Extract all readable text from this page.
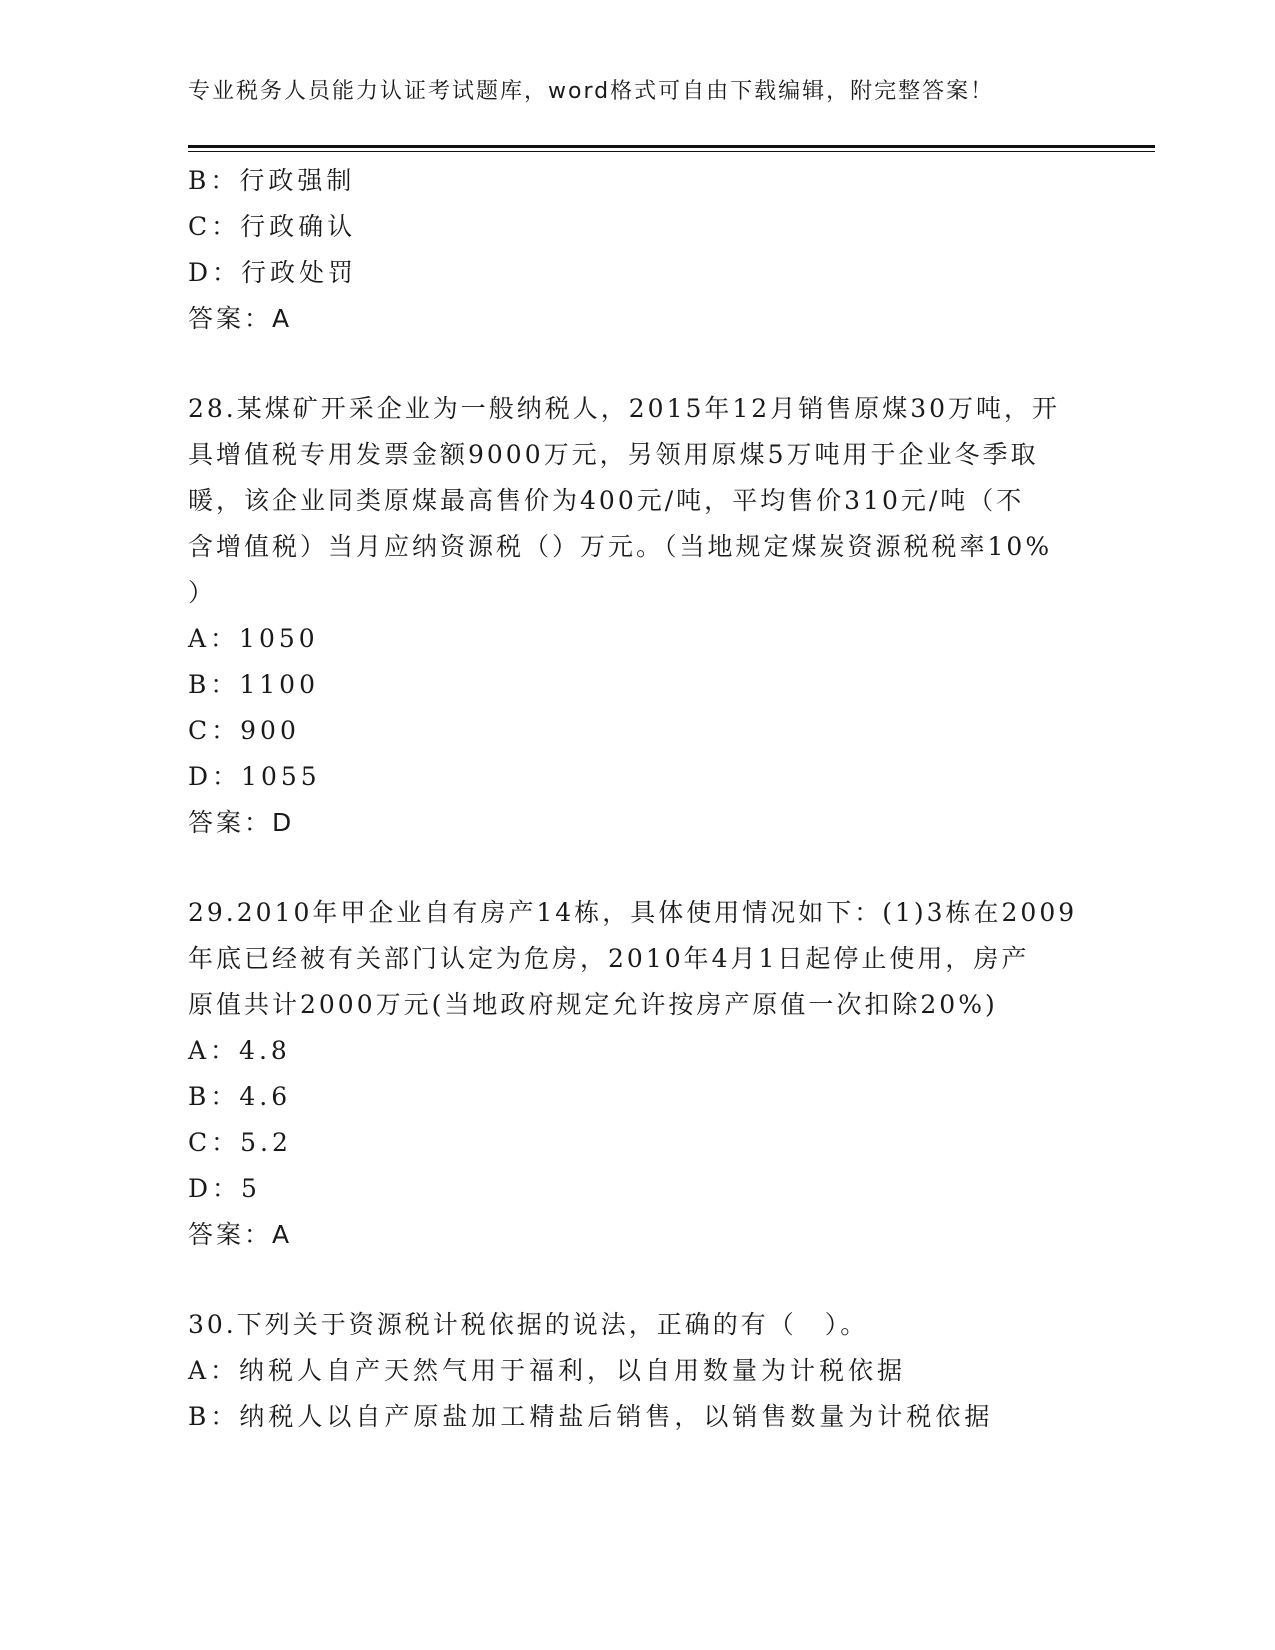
专业税务人员能力认证考试题库，word格式可自由下载编辑，附完整答案！
B：行政强制
C：行政确认
D：行政处罚
答案：A
28.某煤矿开采企业为一般纳税人，2015年12月销售原煤30万吨，开
具增值税专用发票金额9000万元，另领用原煤5万吨用于企业冬季取
暖，该企业同类原煤最高售价为400元/吨，平均售价310元/吨（不
含增值税）当月应纳资源税（）万元。（当地规定煤炭资源税税率10%
）
A：1050
B：1100
C：900
D：1055
答案：D
29.2010年甲企业自有房产14栋，具体使用情况如下：(1)3栋在2009
年底已经被有关部门认定为危房，2010年4月1日起停止使用，房产
原值共计2000万元(当地政府规定允许按房产原值一次扣除20%)
A：4.8
B：4.6
C：5.2
D：5
答案：A
30.下列关于资源税计税依据的说法，正确的有（　）。
A：纳税人自产天然气用于福利，以自用数量为计税依据
B：纳税人以自产原盐加工精盐后销售，以销售数量为计税依据
